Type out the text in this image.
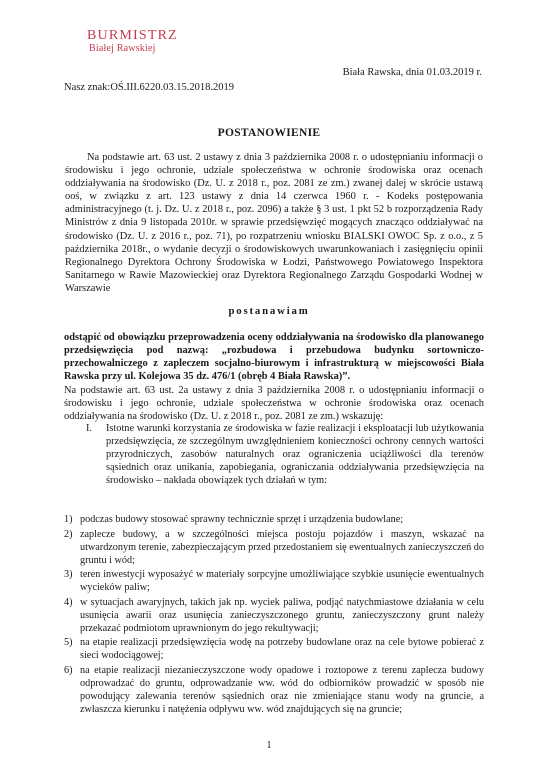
BURMISTRZ
Białej Rawskiej
Biała Rawska, dnia 01.03.2019 r.
Nasz znak:OŚ.III.6220.03.15.2018.2019
POSTANOWIENIE

Na podstawie art. 63 ust. 2 ustawy z dnia 3 października 2008 r. o udostępnianiu informacji o środowisku i jego ochronie, udziale społeczeństwa w ochronie środowiska oraz ocenach oddziaływania na środowisko (Dz. U. z 2018 r., poz. 2081 ze zm.) zwanej dalej w skrócie ustawą ooś, w związku z art. 123 ustawy z dnia 14 czerwca 1960 r. - Kodeks postępowania administracyjnego (t. j. Dz. U. z 2018 r., poz. 2096) a także § 3 ust. 1 pkt 52 b rozporządzenia Rady Ministrów z dnia 9 listopada 2010r. w sprawie przedsięwzięć mogących znacząco oddziaływać na środowisko (Dz. U. z 2016 r., poz. 71), po rozpatrzeniu wniosku BIALSKI OWOC Sp. z o.o., z 5 października 2018r., o wydanie decyzji o środowiskowych uwarunkowaniach i zasięgnięciu opinii Regionalnego Dyrektora Ochrony Środowiska w Łodzi, Państwowego Powiatowego Inspektora Sanitarnego w Rawie Mazowieckiej oraz Dyrektora Regionalnego Zarządu Gospodarki Wodnej w Warszawie

postanawiam

odstąpić od obowiązku przeprowadzenia oceny oddziaływania na środowisko dla planowanego przedsięwzięcia pod nazwą: „rozbudowa i przebudowa budynku sortowniczo-przechowalniczego z zapleczem socjalno-biurowym i infrastrukturą w miejscowości Biała Rawska przy ul. Kolejowa 35 dz. 476/1 (obręb 4 Biała Rawska)”.

Na podstawie art. 63 ust. 2a ustawy z dnia 3 października 2008 r. o udostępnianiu informacji o środowisku i jego ochronie, udziale społeczeństwa w ochronie środowiska oraz ocenach oddziaływania na środowisko (Dz. U. z 2018 r., poz. 2081 ze zm.) wskazuję:

I. Istotne warunki korzystania ze środowiska w fazie realizacji i eksploatacji lub użytkowania przedsięwzięcia, ze szczególnym uwzględnieniem konieczności ochrony cennych wartości przyrodniczych, zasobów naturalnych oraz ograniczenia uciążliwości dla terenów sąsiednich oraz unikania, zapobiegania, ograniczania oddziaływania przedsięwzięcia na środowisko – nakłada obowiązek tych działań w tym:
1) podczas budowy stosować sprawny technicznie sprzęt i urządzenia budowlane;
2) zaplecze budowy, a w szczególności miejsca postoju pojazdów i maszyn, wskazać na utwardzonym terenie, zabezpieczającym przed przedostaniem się ewentualnych zanieczyszczeń do gruntu i wód;
3) teren inwestycji wyposażyć w materiały sorpcyjne umożliwiające szybkie usunięcie ewentualnych wycieków paliw;
4) w sytuacjach awaryjnych, takich jak np. wyciek paliwa, podjąć natychmiastowe działania w celu usunięcia awarii oraz usunięcia zanieczyszczonego gruntu, zanieczyszczony grunt należy przekazać podmiotom uprawnionym do jego rekultywacji;
5) na etapie realizacji przedsięwzięcia wodę na potrzeby budowlane oraz na cele bytowe pobierać z sieci wodociągowej;
6) na etapie realizacji niezanieczyszczone wody opadowe i roztopowe z terenu zaplecza budowy odprowadzać do gruntu, odprowadzanie ww. wód do odbiorników prowadzić w sposób nie powodujący zalewania terenów sąsiednich oraz nie zmieniające stanu wody na gruncie, a zwłaszcza kierunku i natężenia odpływu ww. wód znajdujących się na gruncie;
1
